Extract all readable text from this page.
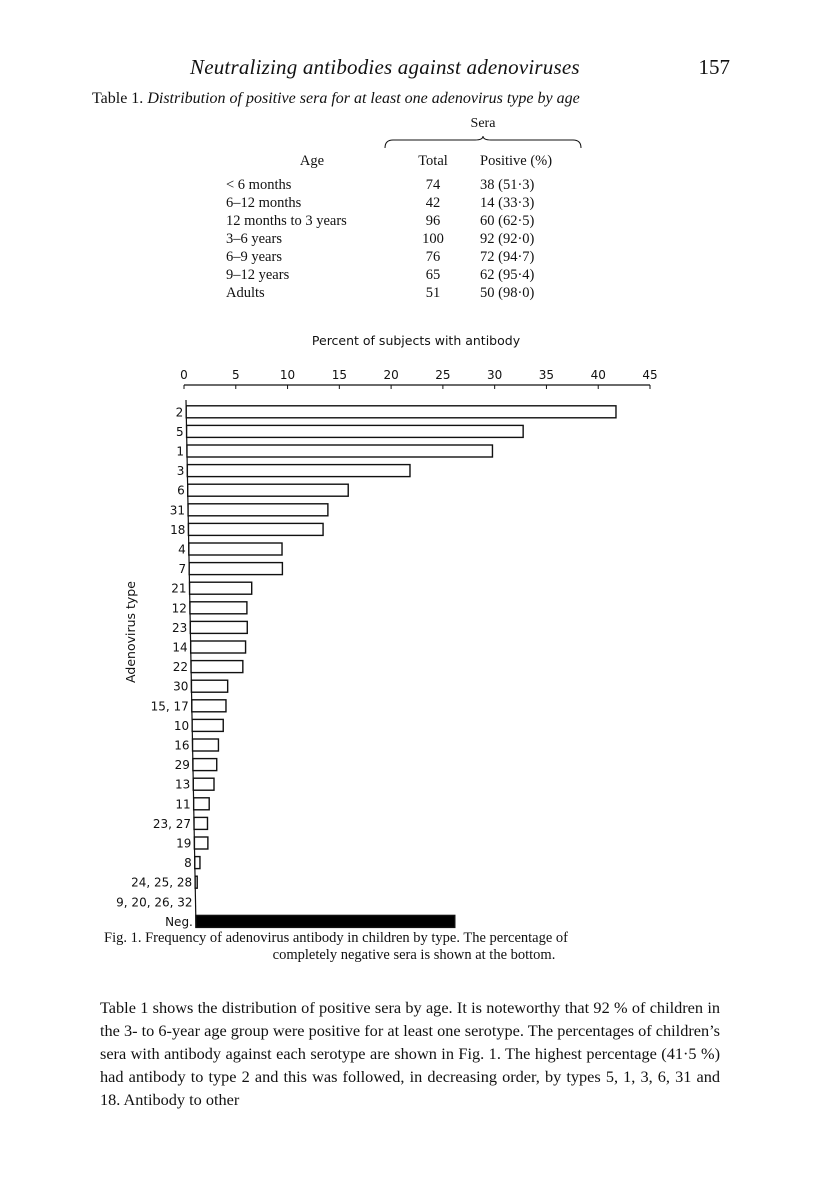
Neutralizing antibodies against adenoviruses	157
Table 1. Distribution of positive sera for at least one adenovirus type by age
Sera
Age	Total	Positive (%)
< 6 months	74	38 (51·3)
6–12 months	42	14 (33·3)
12 months to 3 years	96	60 (62·5)
3–6 years	100	92 (92·0)
6–9 years	76	72 (94·7)
9–12 years	65	62 (95·4)
Adults	51	50 (98·0)
Percent of subjects with antibody
0	5	10	15	20	25	30	35	40	45
2
5
1
3
6
31
18
4
7
21
12
23
14
22
30
15, 17
10
16
29
13
11
23, 27
19
8
24, 25, 28
9, 20, 26, 32
Neg.
Adenovirus type
Fig. 1. Frequency of adenovirus antibody in children by type. The percentage of
completely negative sera is shown at the bottom.
Table 1 shows the distribution of positive sera by age. It is noteworthy that 92 % of children in the 3- to 6-year age group were positive for at least one serotype. The percentages of children’s sera with antibody against each serotype are shown in Fig. 1. The highest percentage (41·5 %) had antibody to type 2 and this was followed, in decreasing order, by types 5, 1, 3, 6, 31 and 18. Antibody to other
